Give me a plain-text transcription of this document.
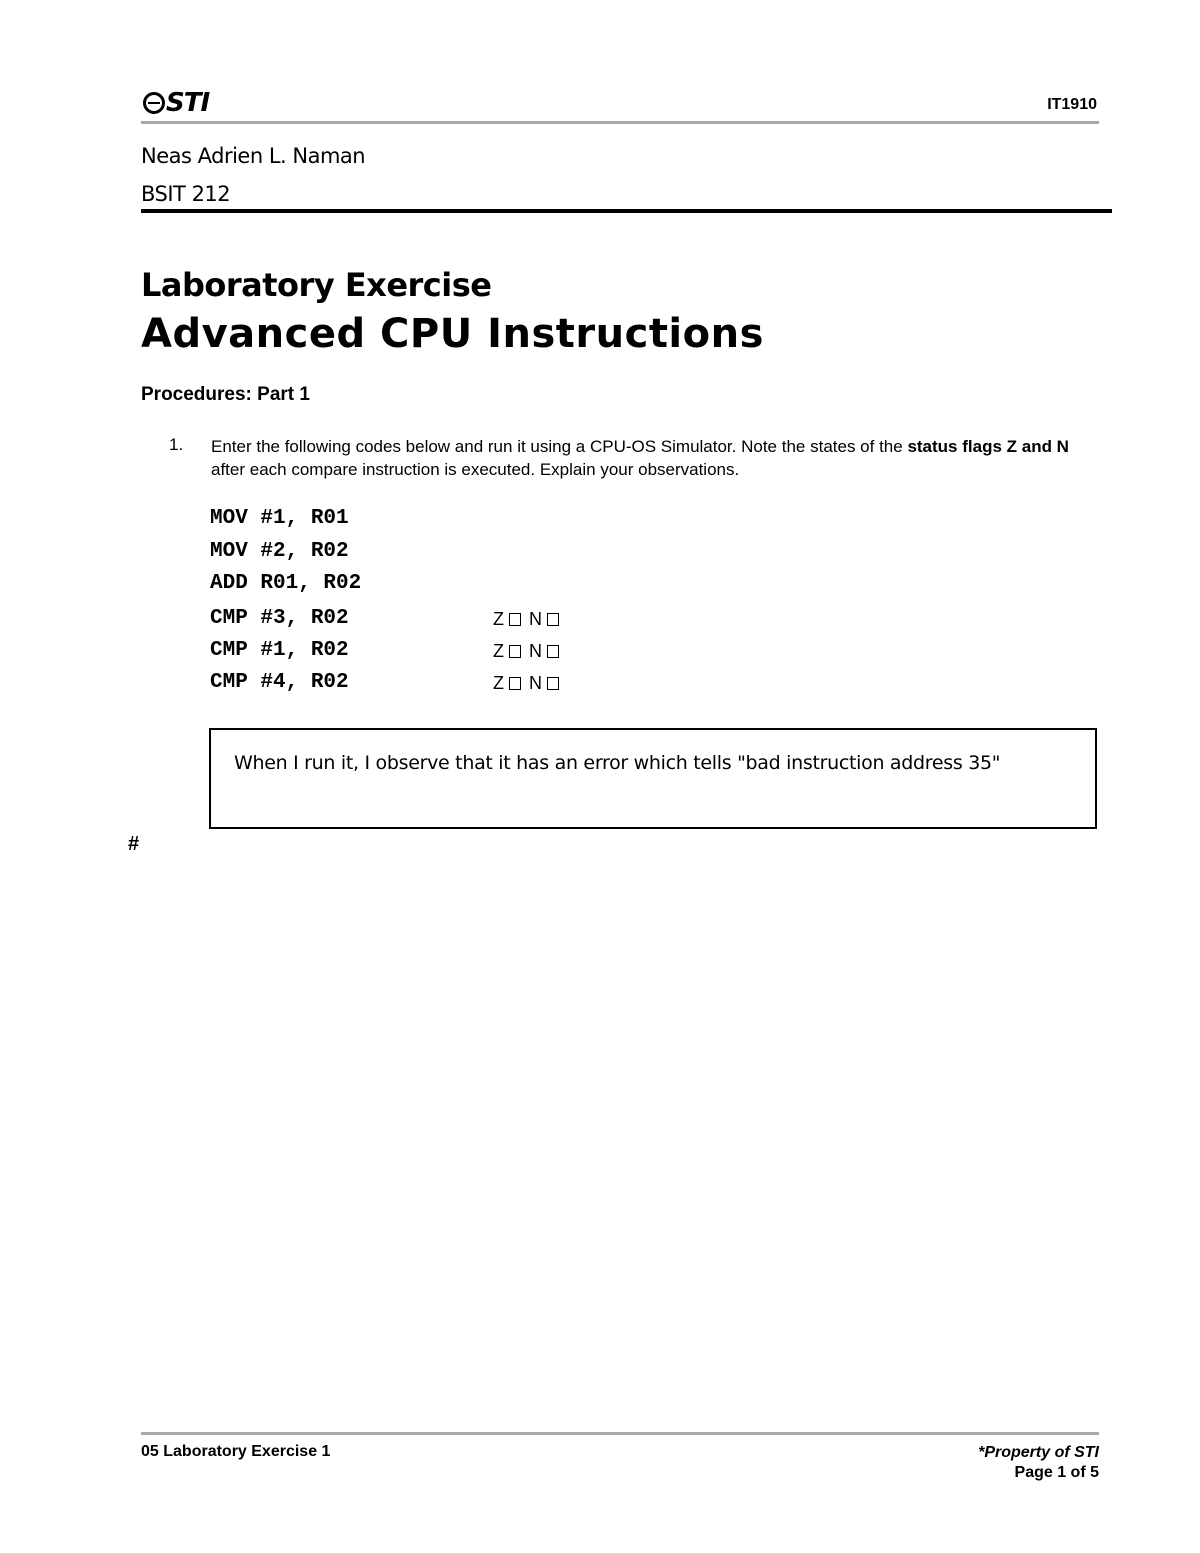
STI	IT1910
Neas Adrien L. Naman
BSIT 212
Laboratory Exercise
Advanced CPU Instructions
Procedures: Part 1
1. Enter the following codes below and run it using a CPU-OS Simulator. Note the states of the status flags Z and N after each compare instruction is executed. Explain your observations.
MOV #1, R01
MOV #2, R02
ADD R01, R02
CMP #3, R02
CMP #1, R02
CMP #4, R02
Z N
Z N
Z N
When I run it, I observe that it has an error which tells "bad instruction address 35"
#
05 Laboratory Exercise 1	*Property of STI
Page 1 of 5
